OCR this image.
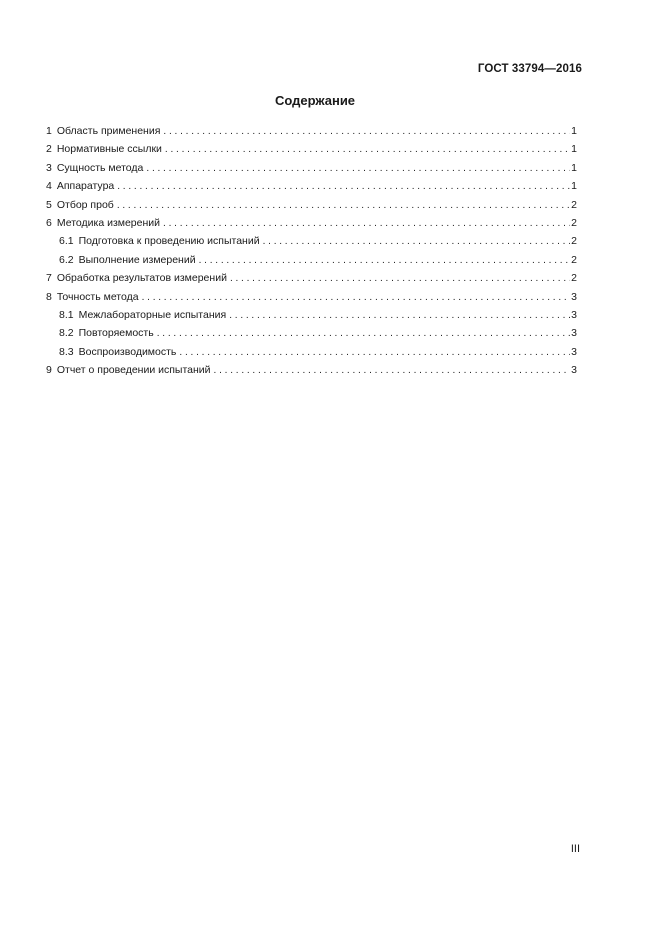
ГОСТ 33794—2016
Содержание
1 Область применения . . .	1
2 Нормативные ссылки . . .	1
3 Сущность метода . . .	1
4 Аппаратура . . .	1
5 Отбор проб . . .	2
6 Методика измерений . . .	2
6.1 Подготовка к проведению испытаний . . .	2
6.2 Выполнение измерений . . .	2
7 Обработка результатов измерений . . .	2
8 Точность метода . . .	3
8.1 Межлабораторные испытания . . .	3
8.2 Повторяемость . . .	3
8.3 Воспроизводимость . . .	3
9 Отчет о проведении испытаний . . .	3
III
